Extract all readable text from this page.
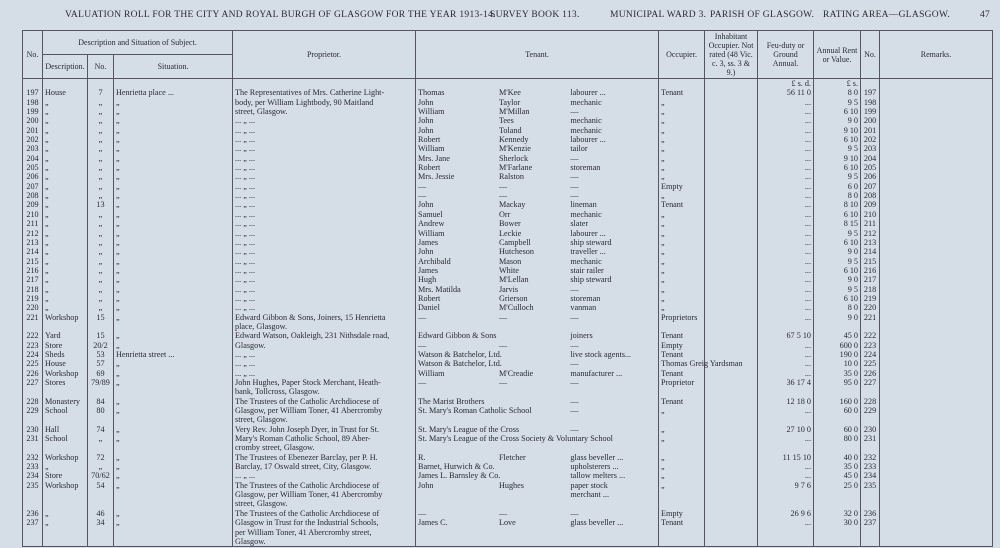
VALUATION ROLL FOR THE CITY AND ROYAL BURGH OF GLASGOW FOR THE YEAR 1913-14.
SURVEY BOOK 113.	MUNICIPAL WARD 3. PARISH OF GLASGOW. RATING AREA—GLASGOW.	47
No.	Description and Situation of Subject.			Proprietor.	Tenant.	Occupier.	Inhabitant Occupier. Not rated (48 Vic. c. 3, ss. 3 & 9.)	Feu-duty or Ground Annual.	Annual Rent or Value.	No.	Remarks.
	Description.	No.	Situation.								
								£ s. d.	£ s.		
197	House	7	Henrietta place ...	The Representatives of Mrs. Catherine Light-	Thomas M'Kee labourer ...	Tenant		56 11 0	8 0	197	
198	„	„	„	body, per William Lightbody, 90 Maitland	John Taylor mechanic	„		...	9 5	198	
199	„	„	„	street, Glasgow.	William M'Millan —	„		...	6 10	199	
200	„	„	„	... „ ...	John Tees mechanic	„		...	9 0	200	
201	„	„	„	... „ ...	John Toland mechanic	„		...	9 10	201	
202	„	„	„	... „ ...	Robert Kennedy labourer ...	„		...	6 10	202	
203	„	„	„	... „ ...	William M'Kenzie tailor	„		...	9 5	203	
204	„	„	„	... „ ...	Mrs. Jane Sherlock —	„		...	9 10	204	
205	„	„	„	... „ ...	Robert M'Farlane storeman	„		...	6 10	205	
206	„	„	„	... „ ...	Mrs. Jessie Ralston —	„		...	9 5	206	
207	„	„	„	... „ ...	— — —	Empty		...	6 0	207	
208	„	„	„	... „ ...	— — —	„		...	8 0	208	
209	„	13	„	... „ ...	John Mackay lineman	Tenant		...	8 10	209	
210	„	„	„	... „ ...	Samuel Orr mechanic	„		...	6 10	210	
211	„	„	„	... „ ...	Andrew Bower slater	„		...	8 15	211	
212	„	„	„	... „ ...	William Leckie labourer ...	„		...	9 5	212	
213	„	„	„	... „ ...	James Campbell ship steward	„		...	6 10	213	
214	„	„	„	... „ ...	John Hutcheson traveller ...	„		...	9 0	214	
215	„	„	„	... „ ...	Archibald Mason mechanic	„		...	9 5	215	
216	„	„	„	... „ ...	James White stair railer	„		...	6 10	216	
217	„	„	„	... „ ...	Hugh M'Lellan ship steward	„		...	9 0	217	
218	„	„	„	... „ ...	Mrs. Matilda Jarvis —	„		...	9 5	218	
219	„	„	„	... „ ...	Robert Grierson storeman	„		...	6 10	219	
220	„	„	„	... „ ...	Daniel M'Culloch vanman	„		...	8 0	220	
221	Workshop	15	„	Edward Gibbon & Sons, Joiners, 15 Henrietta	— — —	Proprietors		...	9 0	221	
				place, Glasgow.	

222	Yard	15	„	Edward Watson, Oakleigh, 231 Nithsdale road,	Edward Gibbon & Sons joiners	Tenant		67 5 10	45 0	222	
223	Store	20/2	„	Glasgow.	— — —	Empty		...	600 0	223	
224	Sheds	53	Henrietta street ...	... „ ...	Watson & Batchelor, Ltd. live stock agents...	Tenant		...	190 0	224	
225	House	57	„	... „ ...	Watson & Batchelor, Ltd. —	Thomas Greig Yardsman		...	10 0	225	
226	Workshop	69	„	... „ ...	William M'Creadie manufacturer ...	Tenant		...	35 0	226	
227	Stores	79/89	„	John Hughes, Paper Stock Merchant, Heath-	— — —	Proprietor		36 17 4	95 0	227	
				bank, Tollcross, Glasgow.	

228	Monastery	84	„	The Trustees of the Catholic Archdiocese of	The Marist Brothers —	Tenant		12 18 0	160 0	228	
229	School	80	„	Glasgow, per William Toner, 41 Abercromby	St. Mary's Roman Catholic School —	„		...	60 0	229	
				street, Glasgow.	

230	Hall	74	„	Very Rev. John Joseph Dyer, in Trust for St.	St. Mary's League of the Cross —	„		27 10 0	60 0	230	
231	School	„	„	Mary's Roman Catholic School, 89 Aber-	St. Mary's League of the Cross Society & Voluntary School	„		...	80 0	231	
				cromby street, Glasgow.	

232	Workshop	72	„	The Trustees of Ebenezer Barclay, per P. H.	R. Fletcher glass beveller ...	„		11 15 10	40 0	232	
233	„	„	„	Barclay, 17 Oswald street, City, Glasgow.	Barnet, Hurwich & Co. upholsterers ...	„		...	35 0	233	
234	Store	70/62	„	... „ ...	James L. Barnsley & Co. tallow melters ...	„		...	45 0	234	
235	Workshop	54	„	The Trustees of the Catholic Archdiocese of	John Hughes paper stock	„		9 7 6	25 0	235	
				Glasgow, per William Toner, 41 Abercromby	merchant ...						

				street, Glasgow.	

236	„	46	„	The Trustees of the Catholic Archdiocese of	— — —	Empty		26 9 6	32 0	236	
237	„	34	„	Glasgow in Trust for the Industrial Schools,	James C. Love glass beveller ...	Tenant		...	30 0	237	
				per William Toner, 41 Abercromby street,	

				Glasgow.	
